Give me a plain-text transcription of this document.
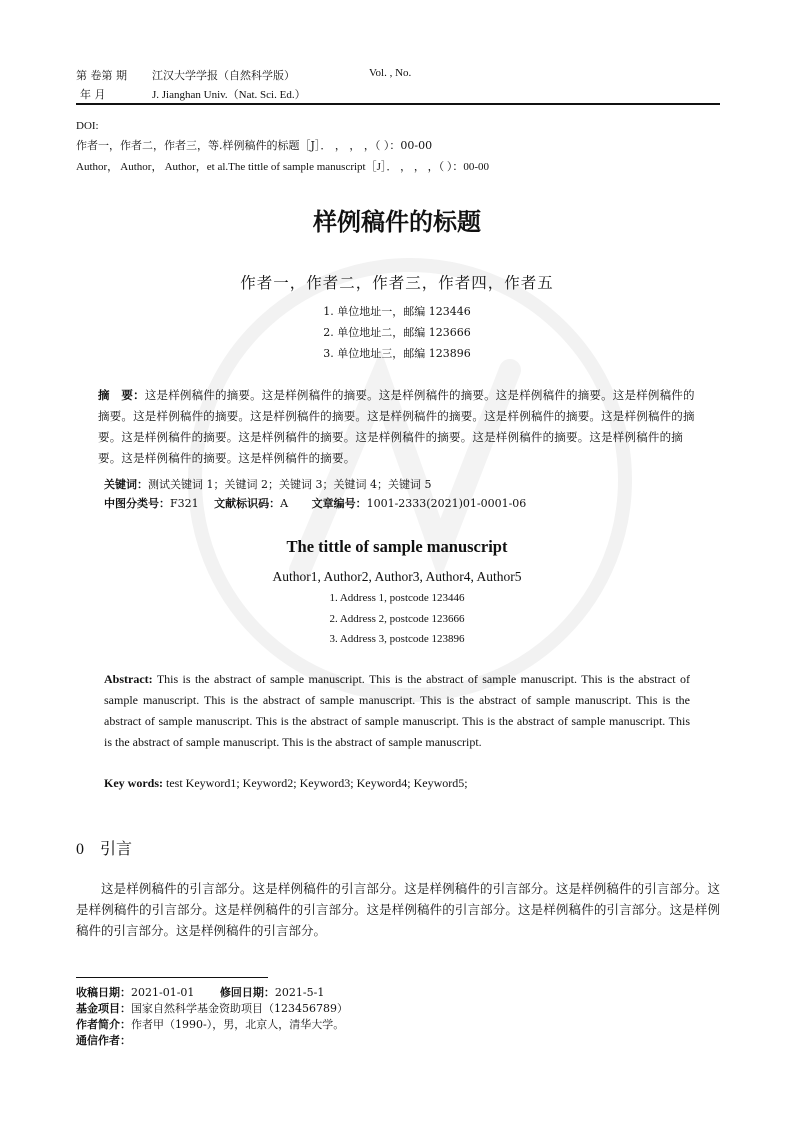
第 卷第 期 江汉大学学报（自然科学版）	Vol. , No.
年 月	J. Jianghan Univ.（Nat. Sci. Ed.）
DOI:
作者一，作者二，作者三，等.样例稿件的标题［J］． ， ， ，（ ）：00-00
Author， Author， Author，et al.The tittle of sample manuscript［J］． ， ， ，（ ）：00-00
样例稿件的标题
作者一，作者二，作者三，作者四，作者五
1. 单位地址一，邮编 123446
2. 单位地址二，邮编 123666
3. 单位地址三，邮编 123896
摘　要：这是样例稿件的摘要。这是样例稿件的摘要。这是样例稿件的摘要。这是样例稿件的摘要。这是样例稿件的摘要。这是样例稿件的摘要。这是样例稿件的摘要。这是样例稿件的摘要。这是样例稿件的摘要。这是样例稿件的摘要。这是样例稿件的摘要。这是样例稿件的摘要。这是样例稿件的摘要。这是样例稿件的摘要。这是样例稿件的摘要。这是样例稿件的摘要。这是样例稿件的摘要。
关键词：测试关键词 1；关键词 2；关键词 3；关键词 4；关键词 5
中图分类号：F321 文献标识码：A 文章编号：1001-2333(2021)01-0001-06
The tittle of sample manuscript
Author1, Author2, Author3, Author4, Author5
1. Address 1, postcode 123446
2. Address 2, postcode 123666
3. Address 3, postcode 123896
Abstract: This is the abstract of sample manuscript. This is the abstract of sample manuscript. This is the abstract of sample manuscript. This is the abstract of sample manuscript. This is the abstract of sample manuscript. This is the abstract of sample manuscript. This is the abstract of sample manuscript. This is the abstract of sample manuscript. This is the abstract of sample manuscript. This is the abstract of sample manuscript.
Key words: test Keyword1; Keyword2; Keyword3; Keyword4; Keyword5;
0 引言
这是样例稿件的引言部分。这是样例稿件的引言部分。这是样例稿件的引言部分。这是样例稿件的引言部分。这是样例稿件的引言部分。这是样例稿件的引言部分。这是样例稿件的引言部分。这是样例稿件的引言部分。这是样例稿件的引言部分。这是样例稿件的引言部分。
收稿日期：2021-01-01 修回日期：2021-5-1
基金项目：国家自然科学基金资助项目（123456789）
作者简介：作者甲（1990-），男，北京人，清华大学。
通信作者：
